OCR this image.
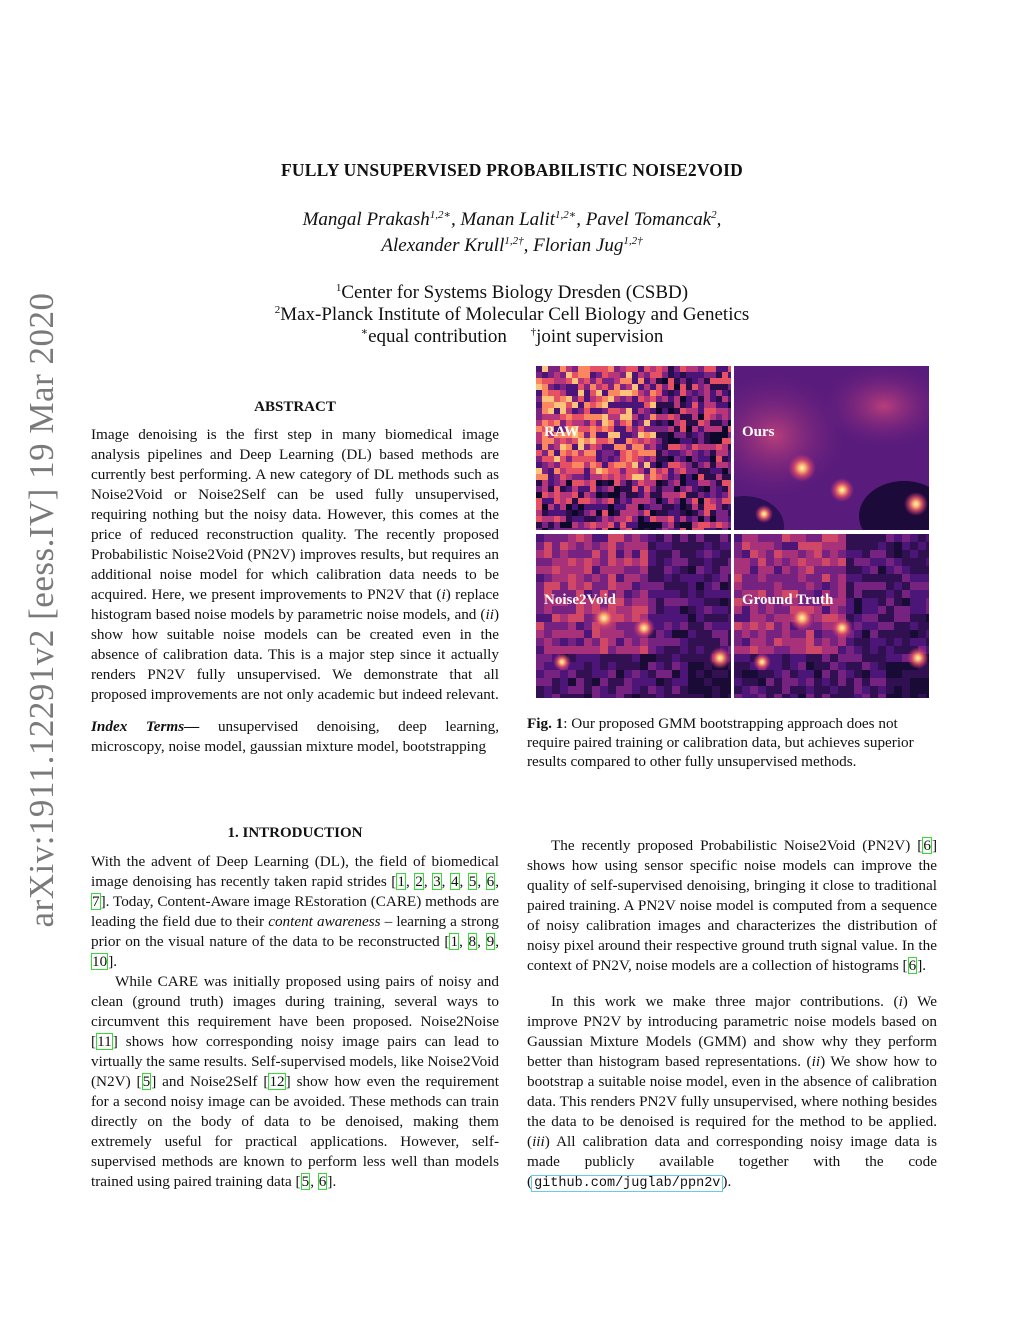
arXiv:1911.12291v2 [eess.IV] 19 Mar 2020
FULLY UNSUPERVISED PROBABILISTIC NOISE2VOID
Mangal Prakash$^{1,2∗}$, Manan Lalit$^{1,2∗}$, Pavel Tomancak$^2$,
Alexander Krull$^{1,2\dagger}$, Florian Jug$^{1,2\dagger}$
$^1$Center for Systems Biology Dresden (CSBD)
$^2$Max-Planck Institute of Molecular Cell Biology and Genetics
∗equal contribution †joint supervision
ABSTRACT

Image denoising is the first step in many biomedical image analysis pipelines and Deep Learning (DL) based methods are currently best performing. A new category of DL methods such as Noise2Void or Noise2Self can be used fully unsupervised, requiring nothing but the noisy data. However, this comes at the price of reduced reconstruction quality. The recently proposed Probabilistic Noise2Void (PN2V) improves results, but requires an additional noise model for which calibration data needs to be acquired. Here, we present improvements to PN2V that (i) replace histogram based noise models by parametric noise models, and (ii) show how suitable noise models can be created even in the absence of calibration data. This is a major step since it actually renders PN2V fully unsupervised. We demonstrate that all proposed improvements are not only academic but indeed relevant.

Index Terms— unsupervised denoising, deep learning, microscopy, noise model, gaussian mixture model, bootstrapping

1. INTRODUCTION

With the advent of Deep Learning (DL), the field of biomedical image denoising has recently taken rapid strides [1, 2, 3, 4, 5, 6, 7]. Today, Content-Aware image REstoration (CARE) methods are leading the field due to their content awareness – learning a strong prior on the visual nature of the data to be reconstructed [1, 8, 9, 10].

While CARE was initially proposed using pairs of noisy and clean (ground truth) images during training, several ways to circumvent this requirement have been proposed. Noise2Noise [11] shows how corresponding noisy image pairs can lead to virtually the same results. Self-supervised models, like Noise2Void (N2V) [5] and Noise2Self [12] show how even the requirement for a second noisy image can be avoided. These methods can train directly on the body of data to be denoised, making them extremely useful for practical applications. However, self-supervised methods are known to perform less well than models trained using paired training data [5, 6].

RAW	Ours
Noise2Void	Ground Truth
Fig. 1: Our proposed GMM bootstrapping approach does not require paired training or calibration data, but achieves superior results compared to other fully unsupervised methods.

The recently proposed Probabilistic Noise2Void (PN2V) [6] shows how using sensor specific noise models can improve the quality of self-supervised denoising, bringing it close to traditional paired training. A PN2V noise model is computed from a sequence of noisy calibration images and characterizes the distribution of noisy pixel around their respective ground truth signal value. In the context of PN2V, noise models are a collection of histograms [6].

In this work we make three major contributions. (i) We improve PN2V by introducing parametric noise models based on Gaussian Mixture Models (GMM) and show why they perform better than histogram based representations. (ii) We show how to bootstrap a suitable noise model, even in the absence of calibration data. This renders PN2V fully unsupervised, where nothing besides the data to be denoised is required for the method to be applied. (iii) All calibration data and corresponding noisy image data is made publicly available together with the code ( github.com/juglab/ppn2v ).
